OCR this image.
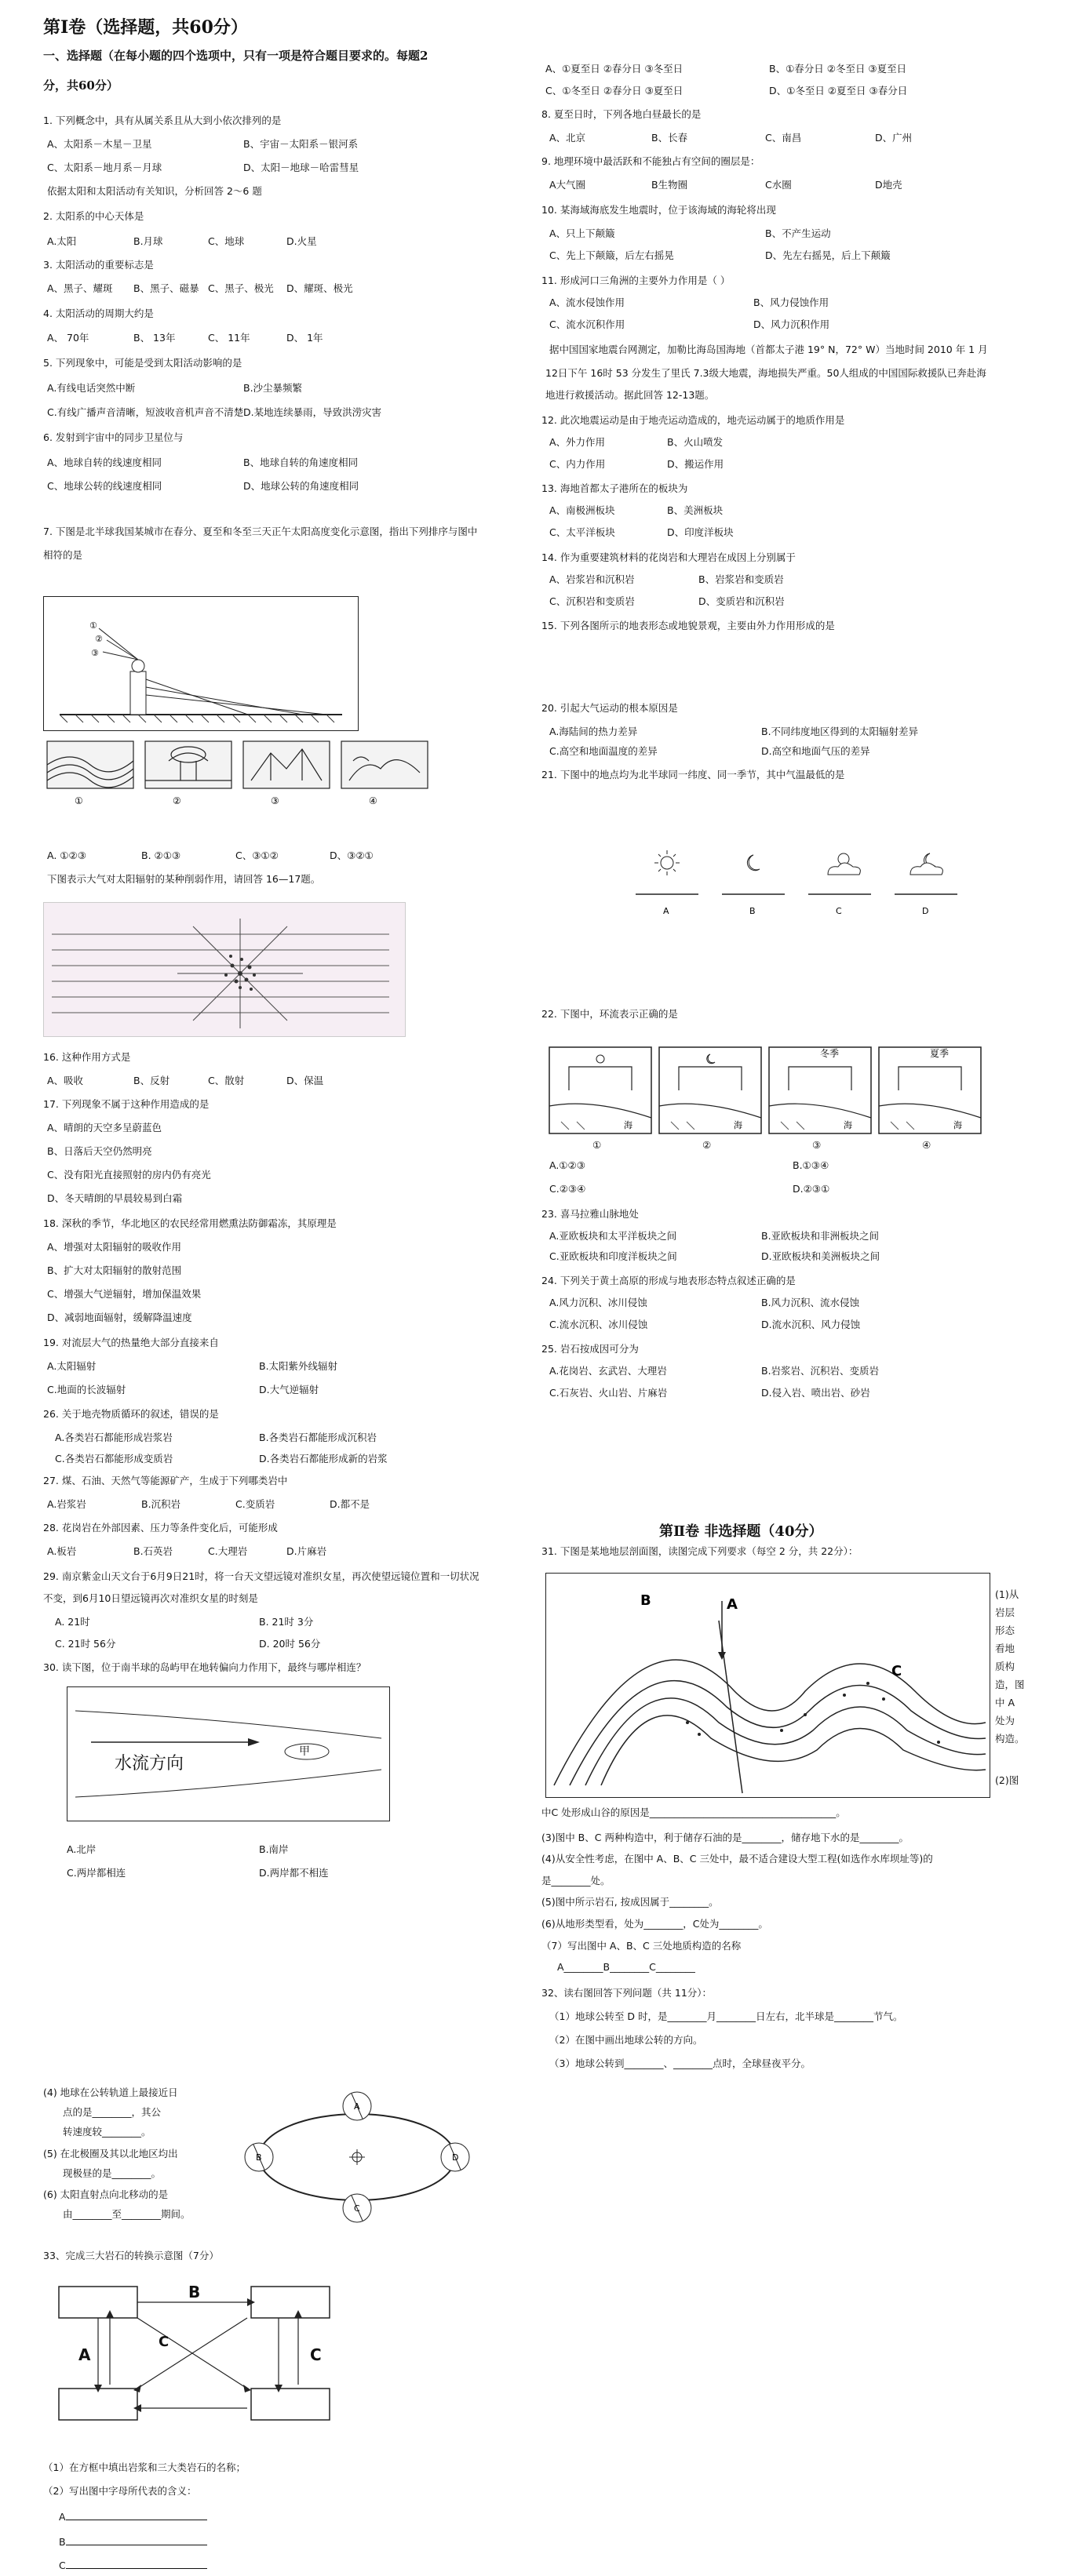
第Ⅰ卷（选择题，共60分）
一、选择题（在每小题的四个选项中，只有一项是符合题目要求的。每题2
分，共60分）
1. 下列概念中，具有从属关系且从大到小依次排列的是
A、太阳系－木星－卫星	B、宇宙－太阳系－银河系
C、太阳系－地月系－月球	D、太阳－地球－哈雷彗星
依据太阳和太阳活动有关知识，分析回答 2～6 题
2. 太阳系的中心天体是
A.太阳	B.月球	C、地球	D.火星
3. 太阳活动的重要标志是
A、黑子、耀斑 B、黑子、磁暴 C、黑子、极光 D、耀斑、极光
4. 太阳活动的周期大约是
A、 70年	B、 13年	C、 11年	D、 1年
5. 下列现象中，可能是受到太阳活动影响的是
A.有线电话突然中断	B.沙尘暴频繁
C.有线广播声音清晰，短波收音机声音不清楚 D.某地连续暴雨，导致洪涝灾害
6. 发射到宇宙中的同步卫星位与
A、地球自转的线速度相同	B、地球自转的角速度相同
C、地球公转的线速度相同	D、地球公转的角速度相同
7. 下图是北半球我国某城市在春分、夏至和冬至三天正午太阳高度变化示意图，指出下列排序与图中
相符的是
①
②
③
①	②	③	④
A. ①②③	B. ②①③	C、③①②	D、③②①
下图表示大气对太阳辐射的某种削弱作用，请回答 16—17题。
16. 这种作用方式是
A、吸收	B、反射	C、散射	D、保温
17. 下列现象不属于这种作用造成的是
A、晴朗的天空多呈蔚蓝色
B、日落后天空仍然明亮
C、没有阳光直接照射的房内仍有亮光
D、冬天晴朗的早晨较易到白霜
18. 深秋的季节，华北地区的农民经常用燃熏法防御霜冻，其原理是
A、增强对太阳辐射的吸收作用
B、扩大对太阳辐射的散射范围
C、增强大气逆辐射，增加保温效果
D、减弱地面辐射，缓解降温速度
19. 对流层大气的热量绝大部分直接来自
A.太阳辐射	B.太阳紫外线辐射
C.地面的长波辐射	D.大气逆辐射
26. 关于地壳物质循环的叙述，错误的是
A.各类岩石都能形成岩浆岩	B.各类岩石都能形成沉积岩
C.各类岩石都能形成变质岩	D.各类岩石都能形成新的岩浆
27. 煤、石油、天然气等能源矿产，生成于下列哪类岩中
A.岩浆岩	B.沉积岩	C.变质岩	D.都不是
28. 花岗岩在外部因素、压力等条件变化后，可能形成
A.板岩	B.石英岩	C.大理岩	D.片麻岩
29. 南京紫金山天文台于6月9日21时，将一台天文望远镜对准织女星，再次使望远镜位置和一切状况
不变，到6月10日望远镜再次对准织女星的时刻是
A. 21时	B. 21时 3分
C. 21时 56分	D. 20时 56分
30. 读下图，位于南半球的岛屿甲在地转偏向力作用下，最终与哪岸相连？
水流方向
甲
A.北岸	B.南岸
C.两岸都相连	D.两岸都不相连
(4) 地球在公转轨道上最接近日
点的是________，其公
转速度较________。
(5) 在北极圈及其以北地区均出
现极昼的是________。
(6) 太阳直射点向北移动的是
由________至________期间。
A
B
C
D
33、完成三大岩石的转换示意图（7分）
B
A
C
C
（1）在方框中填出岩浆和三大类岩石的名称；
（2）写出图中字母所代表的含义：
A
B
C
A、①夏至日 ②春分日 ③冬至日	B、①春分日 ②冬至日 ③夏至日
C、①冬至日 ②春分日 ③夏至日	D、①冬至日 ②夏至日 ③春分日
8. 夏至日时，下列各地白昼最长的是
A、北京	B、长春	C、南昌	D、广州
9. 地理环境中最活跃和不能独占有空间的圈层是：
A大气圈	B生物圈	C水圈	D地壳
10. 某海域海底发生地震时，位于该海域的海轮将出现
A、只上下颠簸	B、不产生运动
C、先上下颠簸，后左右摇晃	D、先左右摇晃，后上下颠簸
11. 形成河口三角洲的主要外力作用是（ ）
A、流水侵蚀作用	B、风力侵蚀作用
C、流水沉积作用	D、风力沉积作用
据中国国家地震台网测定，加勒比海岛国海地（首都太子港 19° N，72° W）当地时间 2010 年 1 月
12日下午 16时 53 分发生了里氏 7.3级大地震，海地损失严重。50人组成的中国国际救援队已奔赴海
地进行救援活动。据此回答 12-13题。
12. 此次地震运动是由于地壳运动造成的，地壳运动属于的地质作用是
A、外力作用	B、火山喷发
C、内力作用	D、搬运作用
13. 海地首都太子港所在的板块为
A、南极洲板块	B、美洲板块
C、太平洋板块	D、印度洋板块
14. 作为重要建筑材料的花岗岩和大理岩在成因上分别属于
A、岩浆岩和沉积岩	B、岩浆岩和变质岩
C、沉积岩和变质岩	D、变质岩和沉积岩
15. 下列各图所示的地表形态或地貌景观，主要由外力作用形成的是
20. 引起大气运动的根本原因是
A.海陆间的热力差异	B.不同纬度地区得到的太阳辐射差异
C.高空和地面温度的差异	D.高空和地面气压的差异
21. 下图中的地点均为北半球同一纬度、同一季节，其中气温最低的是
A	B	C	D
22. 下图中，环流表示正确的是
海	海	海	海
冬季	夏季
①	②	③	④
A.①②③	B.①③④
C.②③④	D.②③①
23. 喜马拉雅山脉地处
A.亚欧板块和太平洋板块之间	B.亚欧板块和非洲板块之间
C.亚欧板块和印度洋板块之间	D.亚欧板块和美洲板块之间
24. 下列关于黄土高原的形成与地表形态特点叙述正确的是
A.风力沉积、冰川侵蚀	B.风力沉积、流水侵蚀
C.流水沉积、冰川侵蚀	D.流水沉积、风力侵蚀
25. 岩石按成因可分为
A.花岗岩、玄武岩、大理岩	B.岩浆岩、沉积岩、变质岩
C.石灰岩、火山岩、片麻岩	D.侵入岩、喷出岩、砂岩
第Ⅱ卷 非选择题（40分）
A
B
C
31. 下图是某地地层剖面图，读图完成下列要求（每空 2 分，共 22分）：
(1)从
岩层
形态
看地
质构
造，图
中 A
处为
构造。
(2)图
中C 处形成山谷的原因是______________________________________。
(3)图中 B、C 两种构造中，利于储存石油的是________，储存地下水的是________。
(4)从安全性考虑，在图中 A、B、C 三处中，最不适合建设大型工程(如选作水库坝址等)的
是________处。
(5)图中所示岩石, 按成因属于________。
(6)从地形类型看，处为________，C处为________。
（7）写出图中 A、B、C 三处地质构造的名称
A________B________C________
32、读右图回答下列问题（共 11分）：
（1）地球公转至 D 时，是________月________日左右，北半球是________节气。
（2）在图中画出地球公转的方向。
（3）地球公转到________、________点时，全球昼夜平分。
